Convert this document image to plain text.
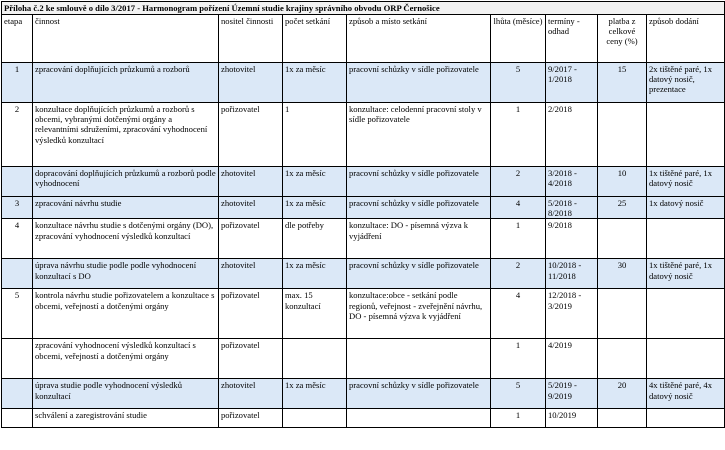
Příloha č.2 ke smlouvě o dílo 3/2017 - Harmonogram pořízení Územní studie krajiny správního obvodu ORP Černošice								
etapa	činnost	nositel činnosti	počet setkání	způsob a místo setkání	lhůta (měsíce)	termíny - odhad	platba z celkové ceny (%)	způsob dodání
1	zpracování doplňujících průzkumů a rozborů	zhotovitel	1x za měsíc	pracovní schůzky v sídle pořizovatele	5	9/2017 - 1/2018	15	2x tištěné paré, 1x datový nosič, prezentace
2	konzultace doplňujících průzkumů a rozborů s obcemi, vybranými dotčenými orgány a relevantními sdruženími, zpracování vyhodnocení výsledků konzultací	pořizovatel	1	konzultace: celodenní pracovní stoly v sídle pořizovatele	1	2/2018		
	dopracování doplňujících průzkumů a rozborů podle vyhodnocení	zhotovitel	1x za měsíc	pracovní schůzky v sídle pořizovatele	2	3/2018 - 4/2018	10	1x tištěné paré, 1x datový nosič
3	zpracování návrhu studie	zhotovitel	1x za měsíc	pracovní schůzky v sídle pořizovatele	4	5/2018 - 8/2018	25	1x datový nosič
4	konzultace návrhu studie s dotčenými orgány (DO), zpracování vyhodnocení výsledků konzultací	pořizovatel	dle potřeby	konzultace: DO - písemná výzva k vyjádření	1	9/2018		
	úprava návrhu studie podle podle vyhodnocení konzultací s DO	zhotovitel	1x za měsíc	pracovní schůzky v sídle pořizovatele	2	10/2018 - 11/2018	30	1x tištěné paré, 1x datový nosič
5	kontrola návrhu studie pořizovatelem a konzultace s obcemi, veřejností a dotčenými orgány	pořizovatel	max. 15 konzultací	konzultace:obce - setkání podle regionů, veřejnost - zveřejnění návrhu, DO - písemná výzva k vyjádření	4	12/2018 - 3/2019		
	zpracování vyhodnocení výsledků konzultací s obcemi, veřejností a dotčenými orgány	pořizovatel			1	4/2019		
	úprava studie podle vyhodnocení výsledků konzultací	zhotovitel	1x za měsíc	pracovní schůzky v sídle pořizovatele	5	5/2019 - 9/2019	20	4x tištěné paré, 4x datový nosič
	schválení a zaregistrování studie	pořizovatel			1	10/2019		
